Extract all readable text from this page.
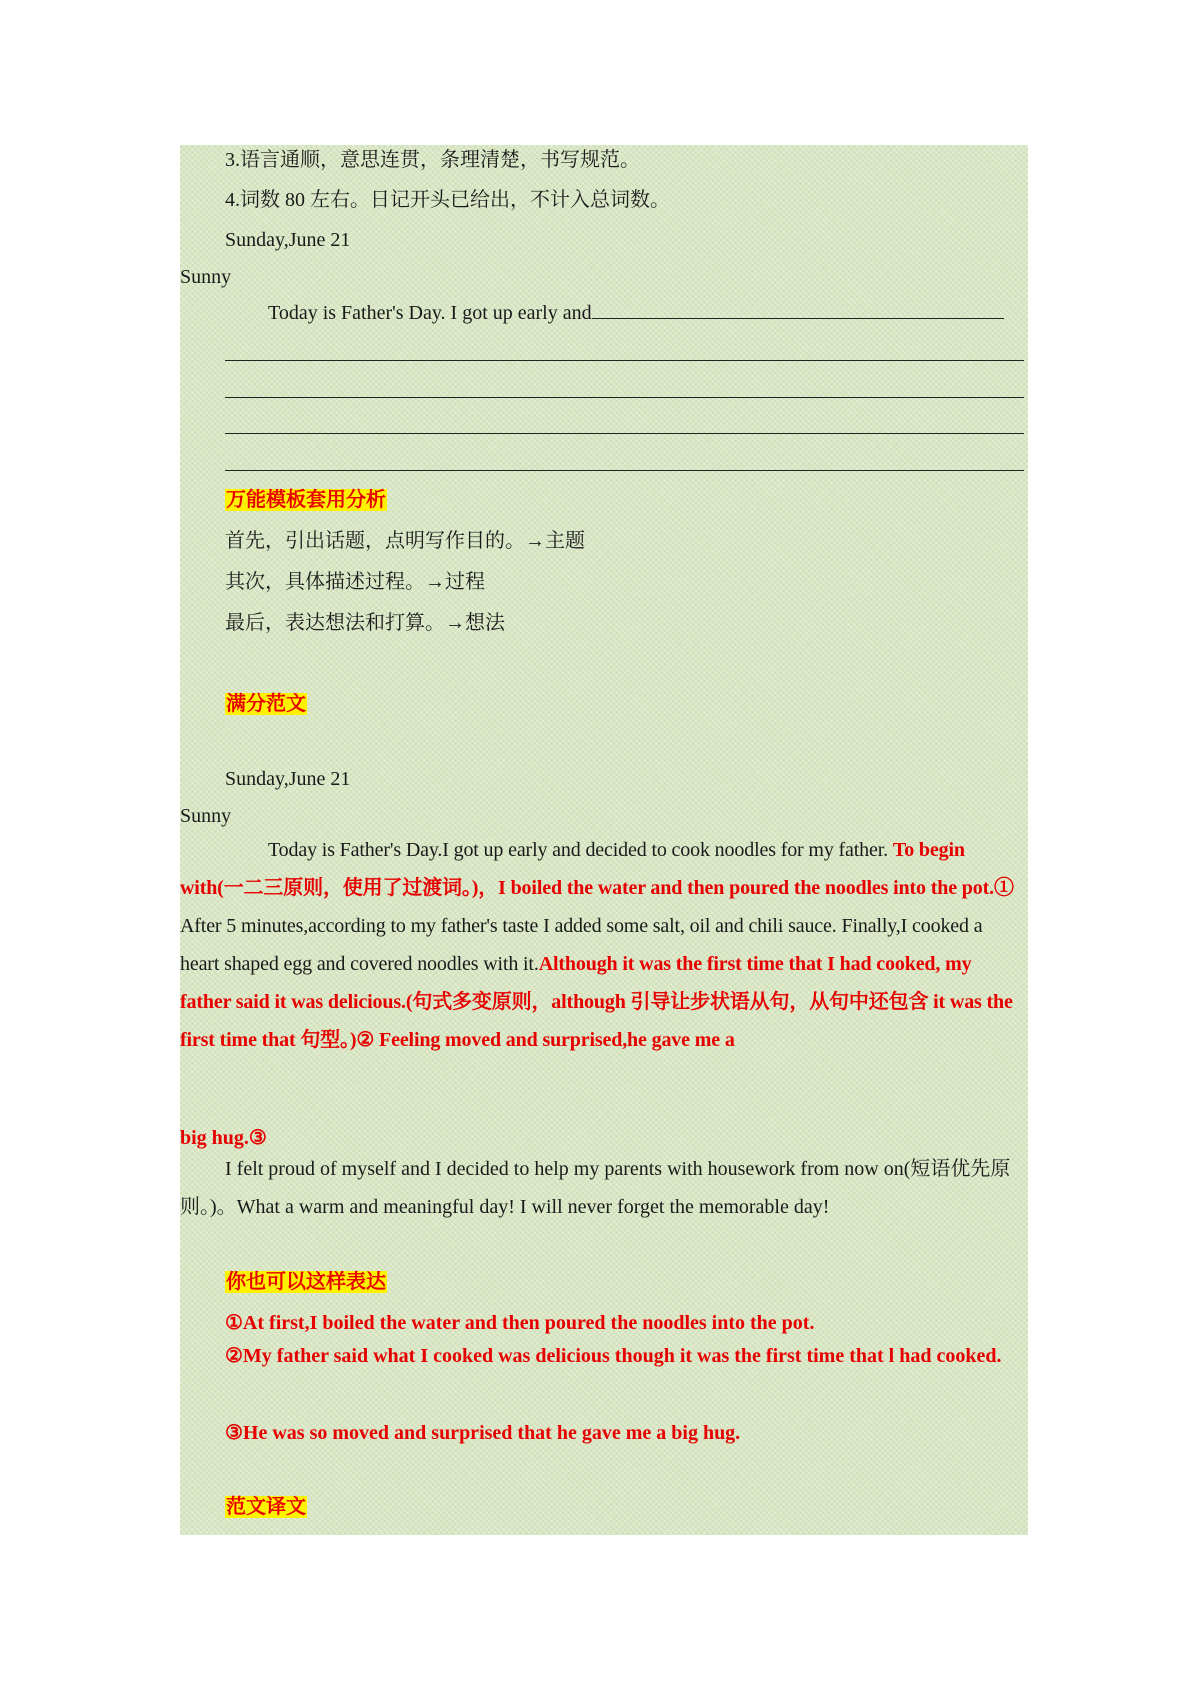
3.语言通顺，意思连贯，条理清楚，书写规范。
4.词数 80 左右。日记开头已给出，不计入总词数。
Sunday,June 21
Sunny
Today is Father's Day. I got up early and
万能模板套用分析
首先，引出话题，点明写作目的。→主题
其次，具体描述过程。→过程
最后，表达想法和打算。→想法
满分范文
Sunday,June 21
Sunny

Today is Father's Day.I got up early and decided to cook noodles for my father. To begin with(一二三原则，使用了过渡词。)，I boiled the water and then poured the noodles into the pot.① After 5 minutes,according to my father's taste I added some salt, oil and chili sauce. Finally,I cooked a heart shaped egg and covered noodles with it.Although it was the first time that I had cooked, my father said it was delicious.(句式多变原则，although 引导让步状语从句，从句中还包含 it was the first time that 句型。)② Feeling moved and surprised,he gave me a

big hug.③

I felt proud of myself and I decided to help my parents with housework from now on(短语优先原则。)。What a warm and meaningful day! I will never forget the memorable day!

你也可以这样表达
①At first,I boiled the water and then poured the noodles into the pot.

②My father said what I cooked was delicious though it was the first time that l had cooked.

③He was so moved and surprised that he gave me a big hug.
范文译文
